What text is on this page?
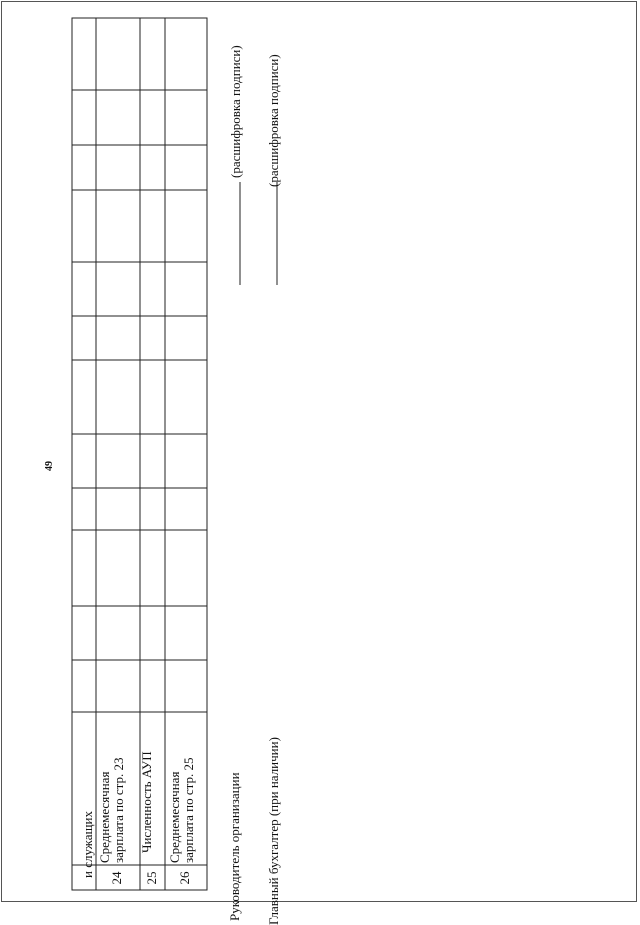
49
и служащих 24
Среднемесячная
зарплата по стр. 23
25
Численность АУП
26
Среднемесячная
зарплата по стр. 25 Руководитель организации
(расшифровка подписи)
Главный бухгалтер (при наличии)
(расшифровка подписи)
